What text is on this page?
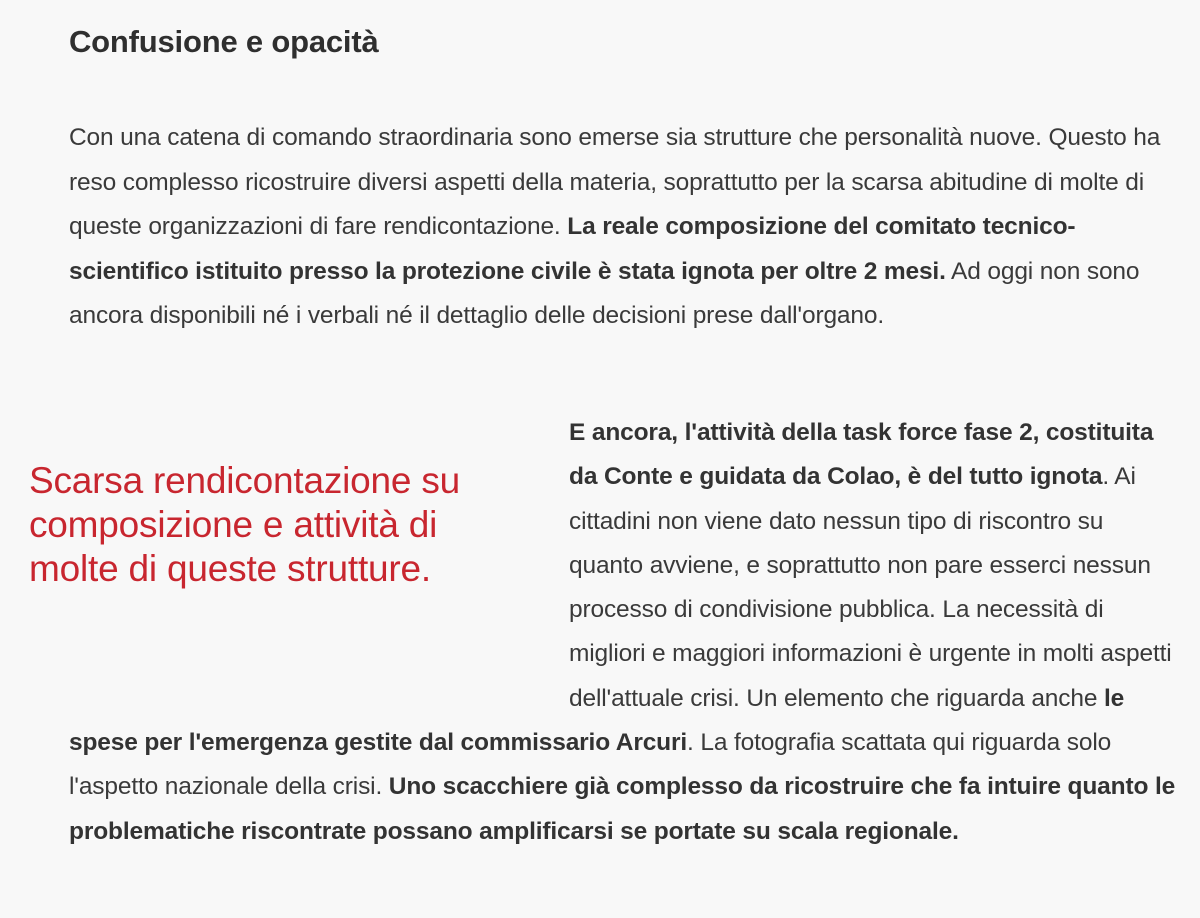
Confusione e opacità

Con una catena di comando straordinaria sono emerse sia strutture che personalità nuove. Questo ha reso complesso ricostruire diversi aspetti della materia, soprattutto per la scarsa abitudine di molte di queste organizzazioni di fare rendicontazione. La reale composizione del comitato tecnico-scientifico istituito presso la protezione civile è stata ignota per oltre 2 mesi. Ad oggi non sono ancora disponibili né i verbali né il dettaglio delle decisioni prese dall'organo.

Scarsa rendicontazione su composizione e attività di molte di queste strutture.

E ancora, l'attività della task force fase 2, costituita da Conte e guidata da Colao, è del tutto ignota. Ai cittadini non viene dato nessun tipo di riscontro su quanto avviene, e soprattutto non pare esserci nessun processo di condivisione pubblica. La necessità di migliori e maggiori informazioni è urgente in molti aspetti dell'attuale crisi. Un elemento che riguarda anche le spese per l'emergenza gestite dal commissario Arcuri. La fotografia scattata qui riguarda solo l'aspetto nazionale della crisi. Uno scacchiere già complesso da ricostruire che fa intuire quanto le problematiche riscontrate possano amplificarsi se portate su scala regionale.
